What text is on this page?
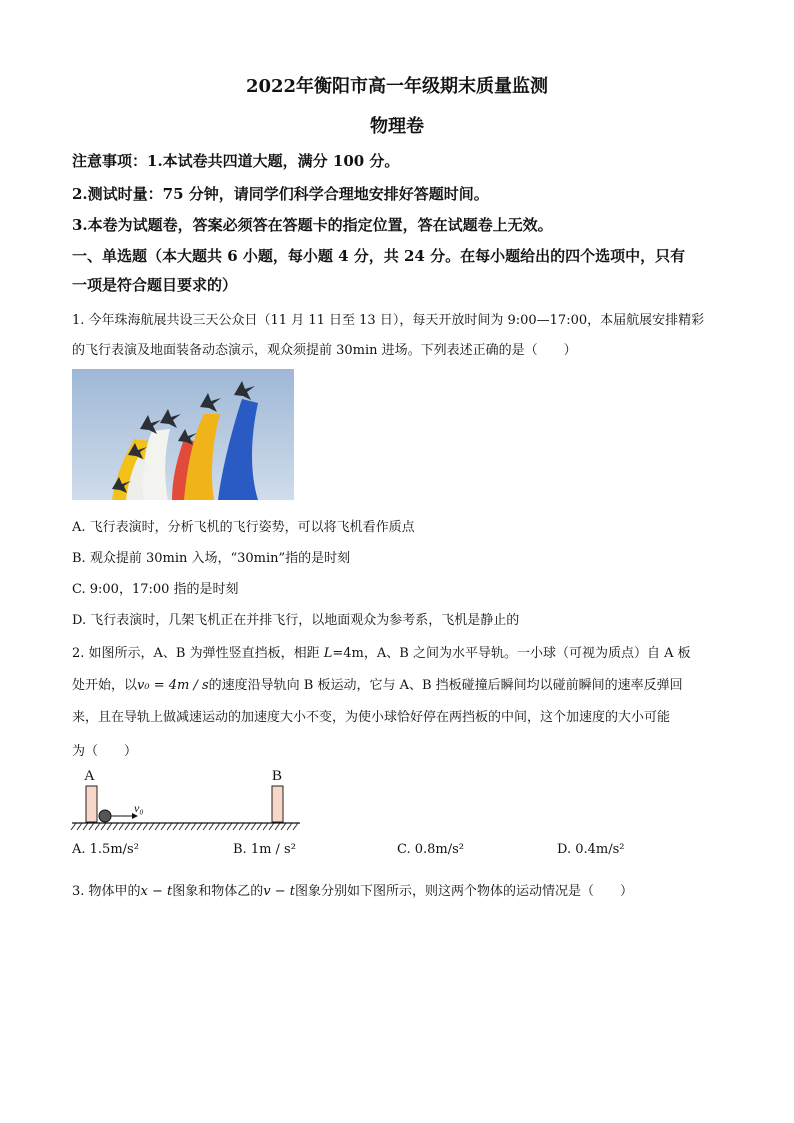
2022年衡阳市高一年级期末质量监测
物理卷
注意事项：1.本试卷共四道大题，满分 100 分。
2.测试时量：75 分钟，请同学们科学合理地安排好答题时间。
3.本卷为试题卷，答案必须答在答题卡的指定位置，答在试题卷上无效。
一、单选题（本大题共 6 小题，每小题 4 分，共 24 分。在每小题给出的四个选项中，只有
一项是符合题目要求的）
1. 今年珠海航展共设三天公众日（11 月 11 日至 13 日），每天开放时间为 9:00—17:00，本届航展安排精彩
的飞行表演及地面装备动态演示，观众须提前 30min 进场。下列表述正确的是（　　）
A. 飞行表演时，分析飞机的飞行姿势，可以将飞机看作质点
B. 观众提前 30min 入场，“30min”指的是时刻
C. 9:00，17:00 指的是时刻
D. 飞行表演时，几架飞机正在并排飞行，以地面观众为参考系，飞机是静止的
2. 如图所示，A、B 为弹性竖直挡板，相距 L=4m，A、B 之间为水平导轨。一小球（可视为质点）自 A 板
处开始，以v₀ = 4m / s的速度沿导轨向 B 板运动，它与 A、B 挡板碰撞后瞬间均以碰前瞬间的速率反弹回
来，且在导轨上做减速运动的加速度大小不变，为使小球恰好停在两挡板的中间，这个加速度的大小可能
为（　　）
A	B
v₀
A. 1.5m/s²	B. 1m / s²	C. 0.8m/s²	D. 0.4m/s²
3. 物体甲的x − t图象和物体乙的v − t图象分别如下图所示，则这两个物体的运动情况是（　　）
